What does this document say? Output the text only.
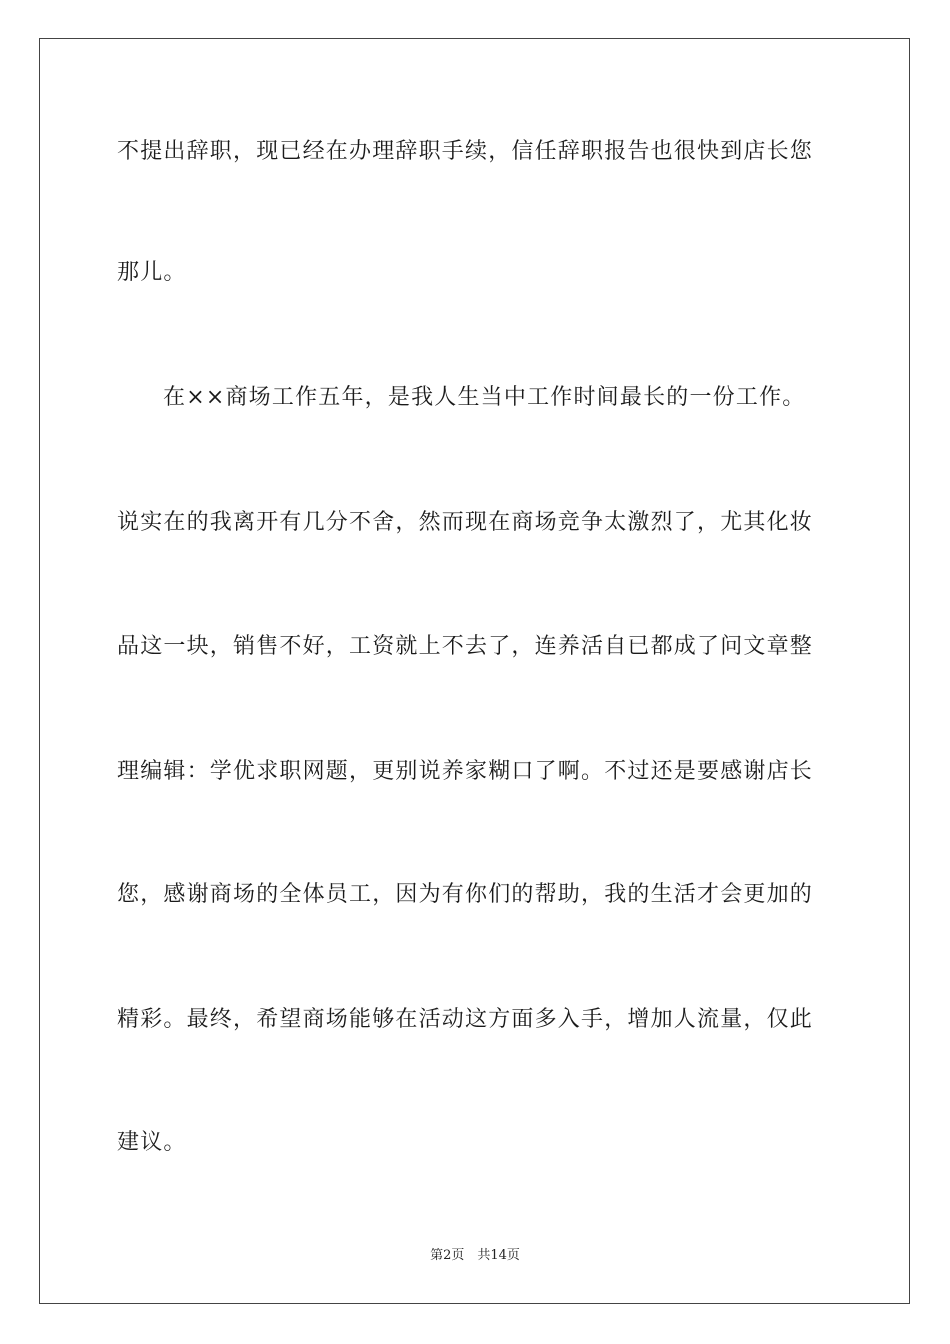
不提出辞职，现已经在办理辞职手续，信任辞职报告也很快到店长您
那儿。
在××商场工作五年，是我人生当中工作时间最长的一份工作。
说实在的我离开有几分不舍，然而现在商场竞争太激烈了，尤其化妆
品这一块，销售不好，工资就上不去了，连养活自已都成了问文章整
理编辑：学优求职网题，更别说养家糊口了啊。不过还是要感谢店长
您，感谢商场的全体员工，因为有你们的帮助，我的生活才会更加的
精彩。最终，希望商场能够在活动这方面多入手，增加人流量，仅此
建议。
第2页　共14页
